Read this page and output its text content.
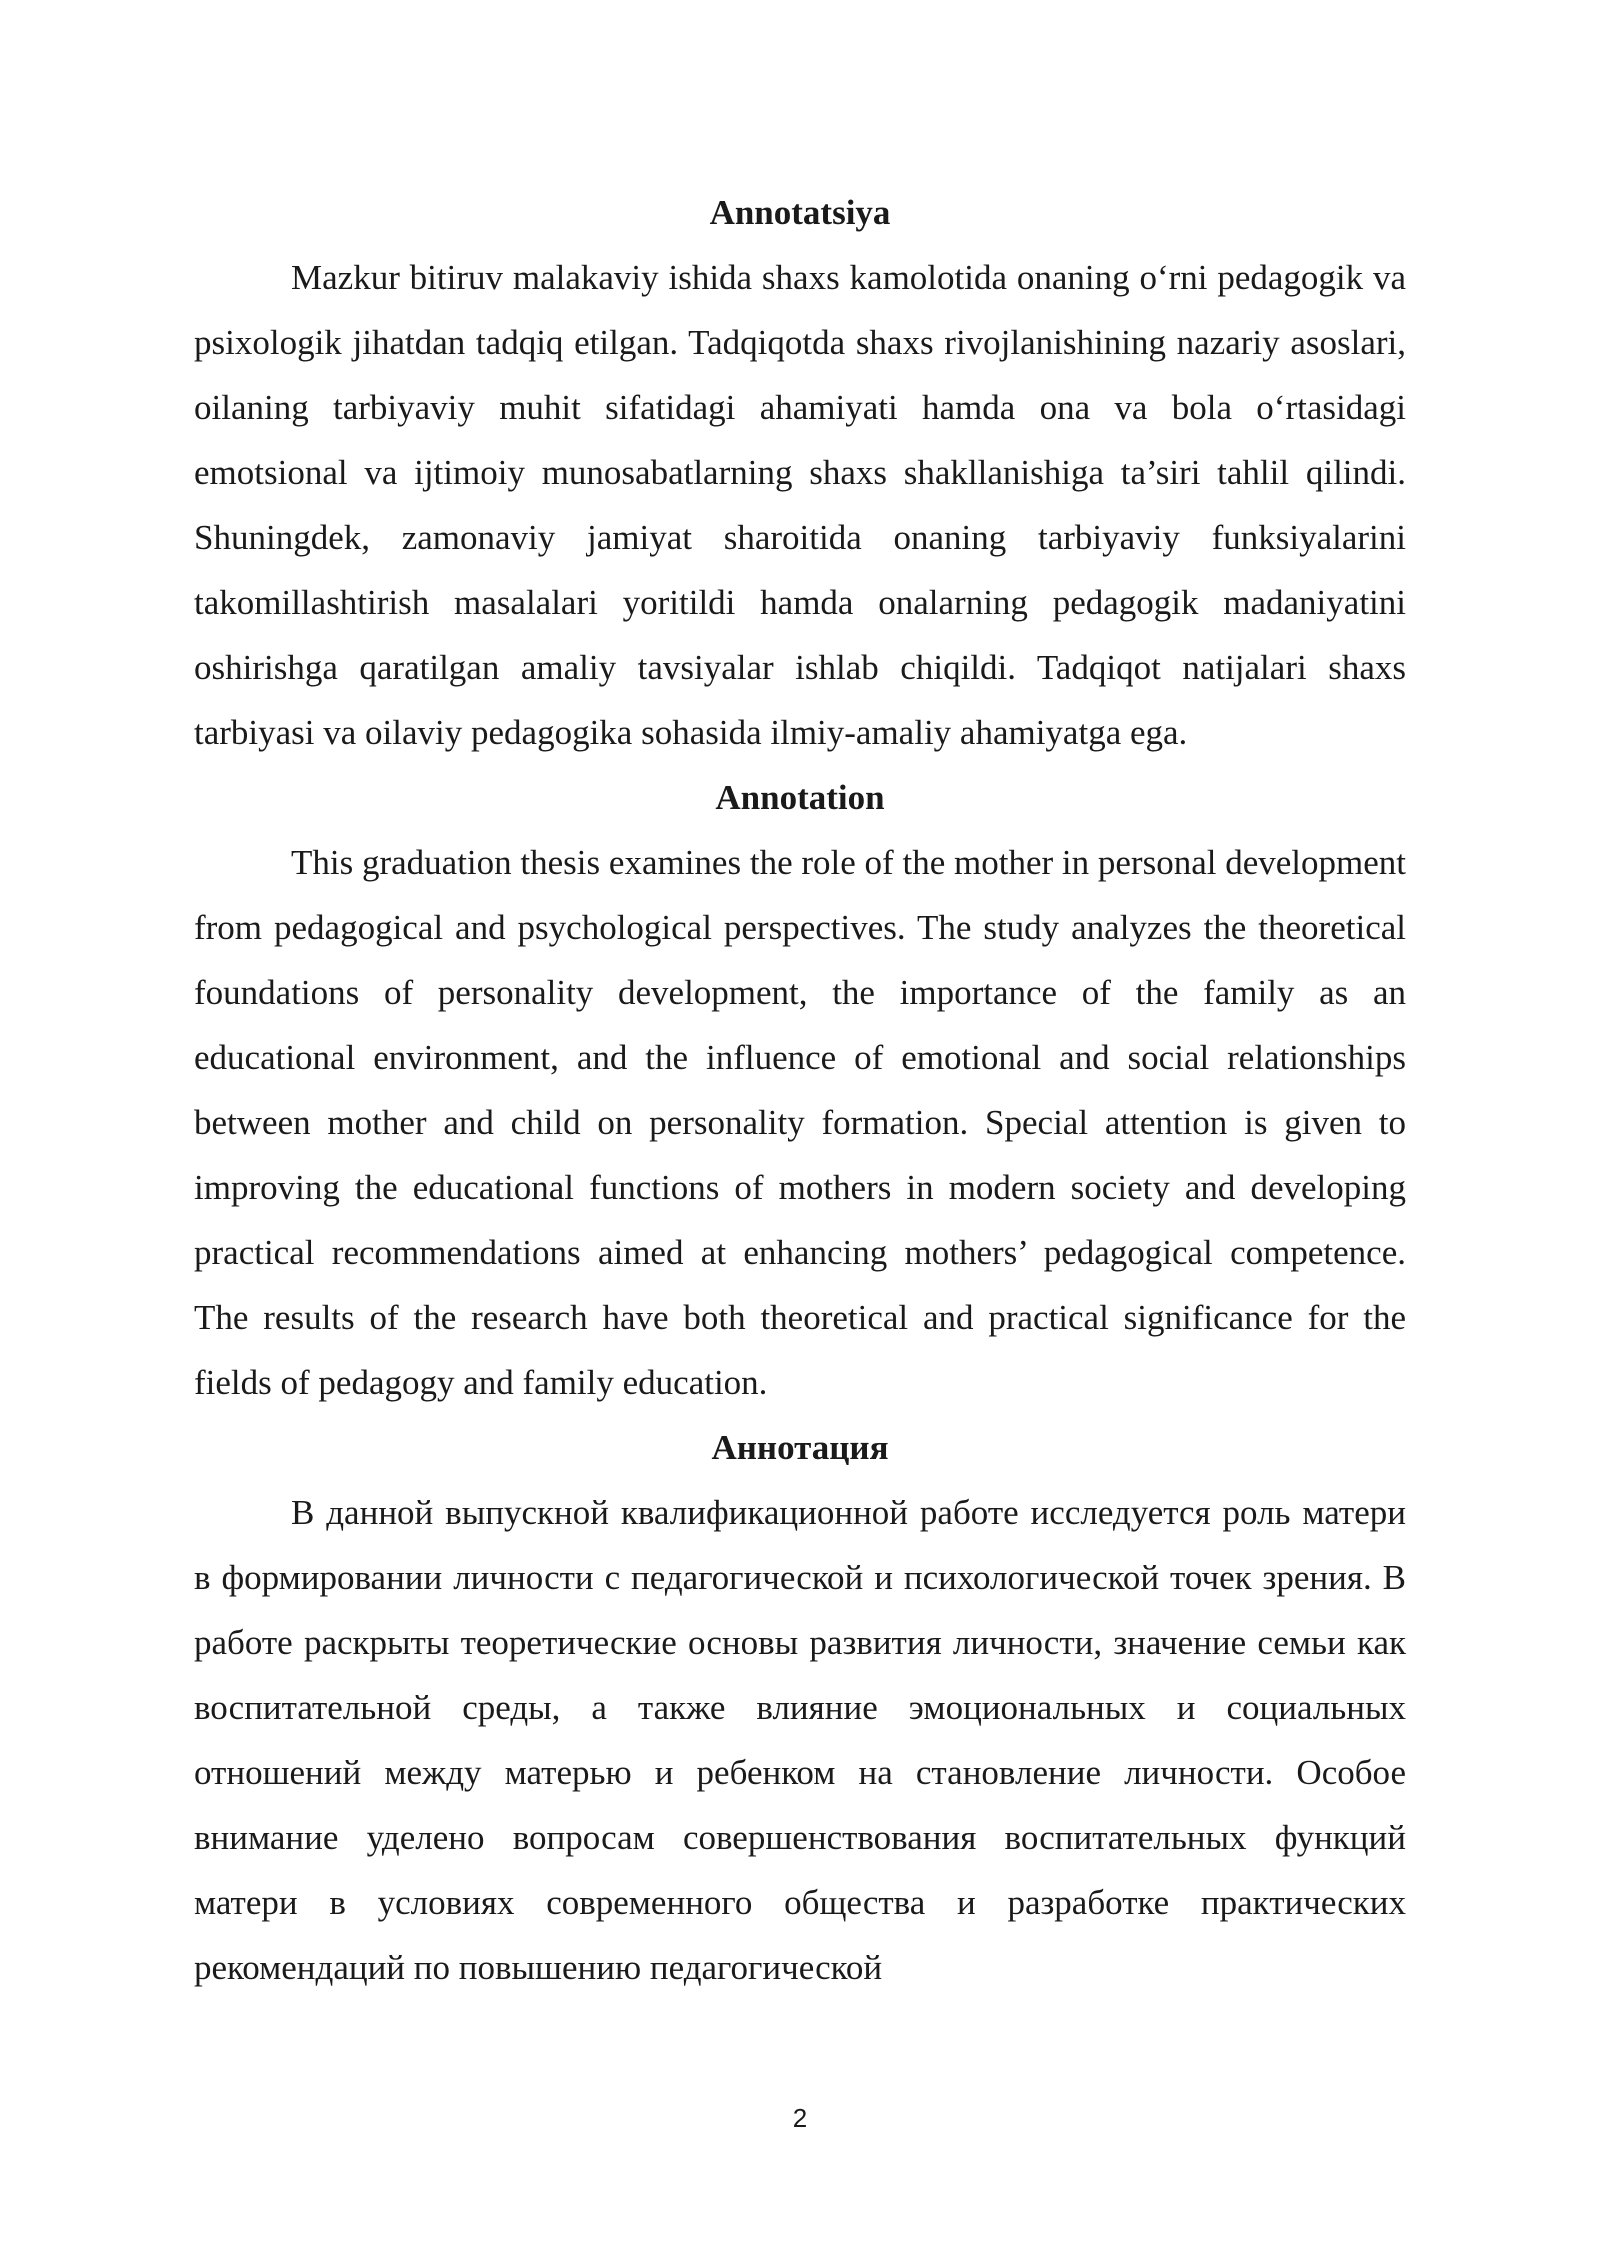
Annotatsiya

Mazkur bitiruv malakaviy ishida shaxs kamolotida onaning o‘rni pedagogik va psixologik jihatdan tadqiq etilgan. Tadqiqotda shaxs rivojlanishining nazariy asoslari, oilaning tarbiyaviy muhit sifatidagi ahamiyati hamda ona va bola o‘rtasidagi emotsional va ijtimoiy munosabatlarning shaxs shakllanishiga ta’siri tahlil qilindi. Shuningdek, zamonaviy jamiyat sharoitida onaning tarbiyaviy funksiyalarini takomillashtirish masalalari yoritildi hamda onalarning pedagogik madaniyatini oshirishga qaratilgan amaliy tavsiyalar ishlab chiqildi. Tadqiqot natijalari shaxs tarbiyasi va oilaviy pedagogika sohasida ilmiy-amaliy ahamiyatga ega.

Annotation

This graduation thesis examines the role of the mother in personal development from pedagogical and psychological perspectives. The study analyzes the theoretical foundations of personality development, the importance of the family as an educational environment, and the influence of emotional and social relationships between mother and child on personality formation. Special attention is given to improving the educational functions of mothers in modern society and developing practical recommendations aimed at enhancing mothers’ pedagogical competence. The results of the research have both theoretical and practical significance for the fields of pedagogy and family education.

Аннотация

В данной выпускной квалификационной работе исследуется роль матери в формировании личности с педагогической и психологической точек зрения. В работе раскрыты теоретические основы развития личности, значение семьи как воспитательной среды, а также влияние эмоциональных и социальных отношений между матерью и ребенком на становление личности. Особое внимание уделено вопросам совершенствования воспитательных функций матери в условиях современного общества и разработке практических рекомендаций по повышению педагогической

2
